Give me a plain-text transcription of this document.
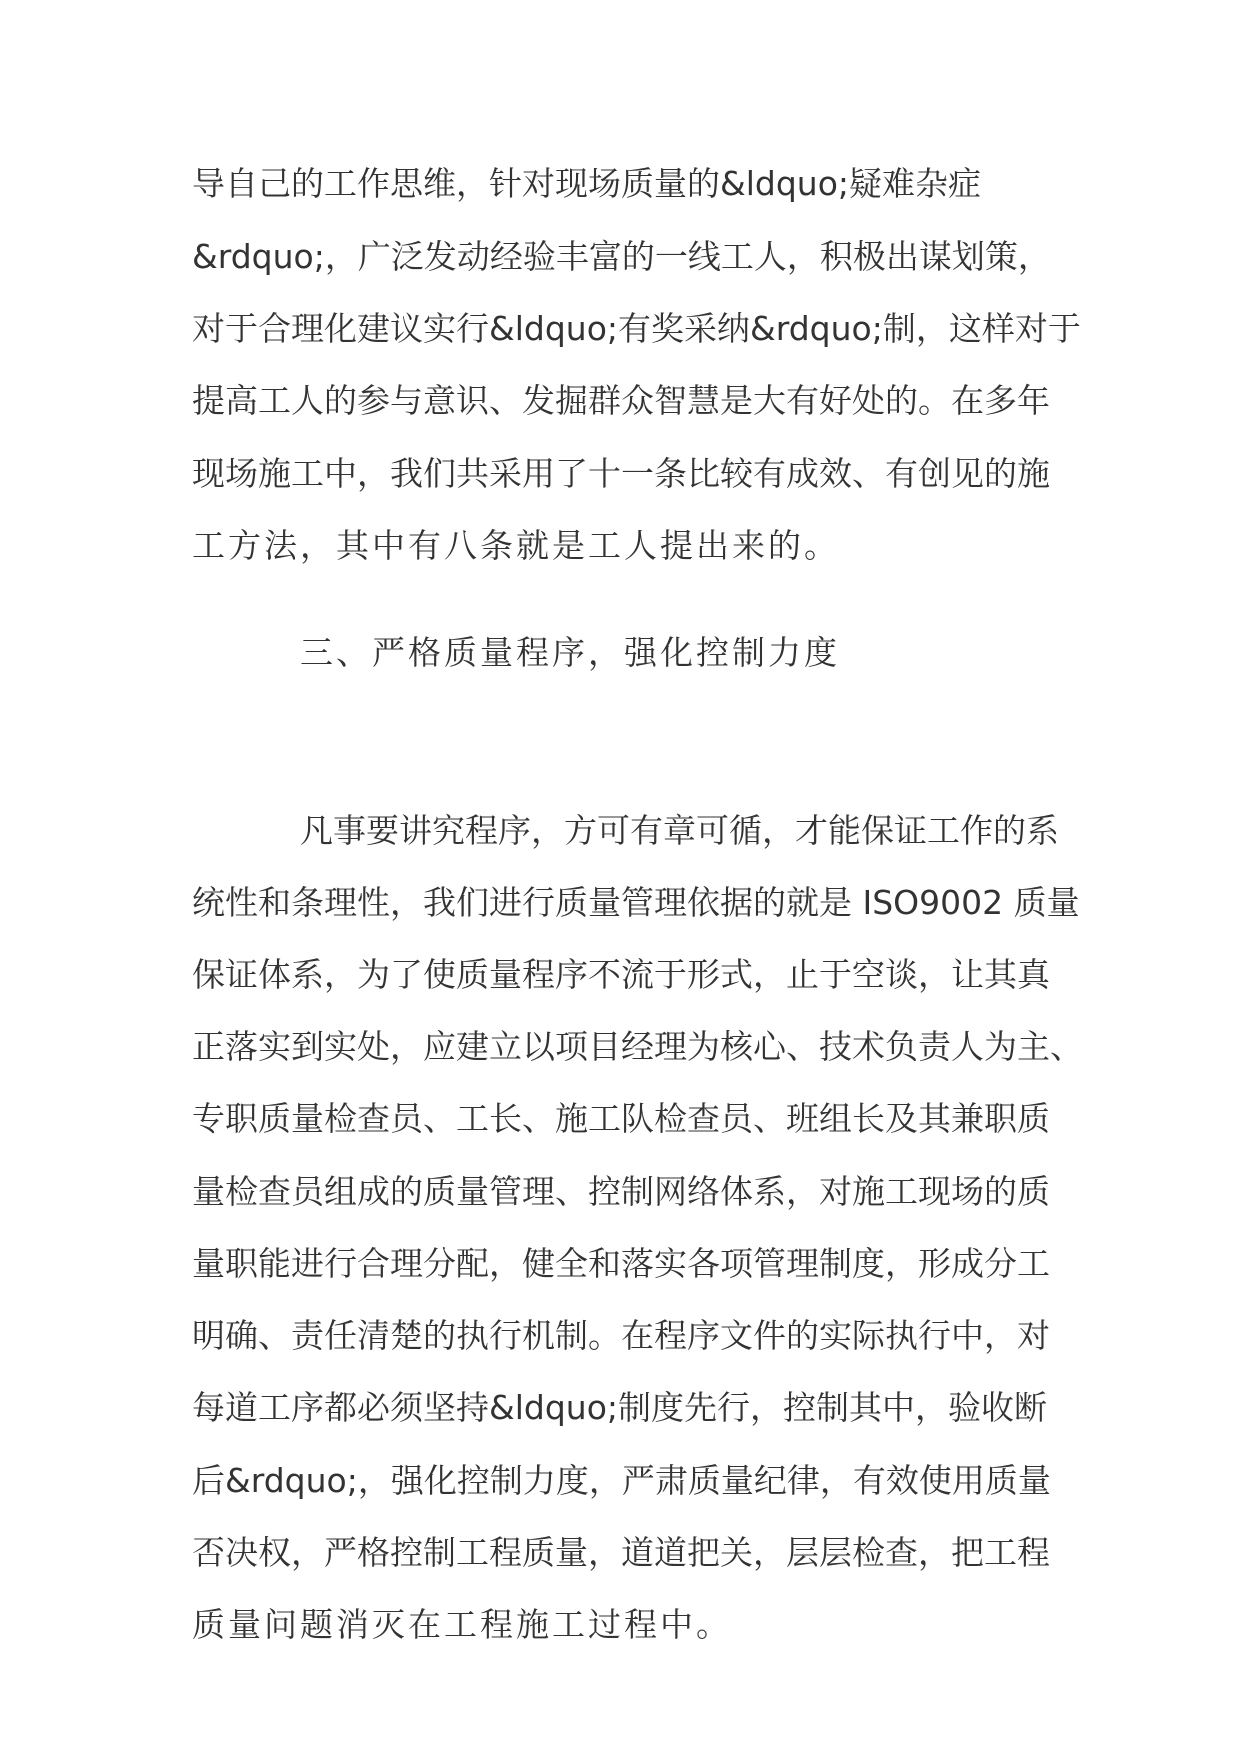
导自己的工作思维，针对现场质量的&ldquo;疑难杂症
&rdquo;，广泛发动经验丰富的一线工人，积极出谋划策，
对于合理化建议实行&ldquo;有奖采纳&rdquo;制，这样对于
提高工人的参与意识、发掘群众智慧是大有好处的。在多年
现场施工中，我们共采用了十一条比较有成效、有创见的施
工方法，其中有八条就是工人提出来的。
三、严格质量程序，强化控制力度
凡事要讲究程序，方可有章可循，才能保证工作的系
统性和条理性，我们进行质量管理依据的就是 ISO9002 质量
保证体系，为了使质量程序不流于形式，止于空谈，让其真
正落实到实处，应建立以项目经理为核心、技术负责人为主、
专职质量检查员、工长、施工队检查员、班组长及其兼职质
量检查员组成的质量管理、控制网络体系，对施工现场的质
量职能进行合理分配，健全和落实各项管理制度，形成分工
明确、责任清楚的执行机制。在程序文件的实际执行中，对
每道工序都必须坚持&ldquo;制度先行，控制其中，验收断
后&rdquo;，强化控制力度，严肃质量纪律，有效使用质量
否决权，严格控制工程质量，道道把关，层层检查，把工程
质量问题消灭在工程施工过程中。
